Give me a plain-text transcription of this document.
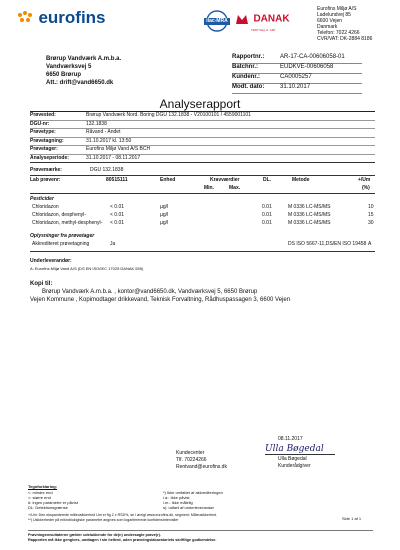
eurofins	ilac-MRA	DANAK
TEST Reg.nr. 168
Eurofins Miljø A/S
Ladelundvej 85
6600 Vejen
Danmark
Telefon: 7022 4266
CVR/VAT: DK-2884 8186
Brørup Vandværk A.m.b.a.
Vandværksvej 5
6650 Brørup
Att.: drift@vand6650.dk
Rapportnr.:	AR-17-CA-00606058-01
Batchnr.:	EUDKVE-00606058
Kundenr.:	CA0005257
Modt. dato:	31.10.2017
Analyserapport
Prøvested:	Brørup Vandværk Nord. Boring DGU 132.1838 - V20100101 / 4559001101
DGU-nr:	132.1838
Prøvetype:	Råvand - Andet
Prøvetagning:	31.10.2017 kl. 13:50
Prøvetager:	Eurofins Miljø Vand A/S BCH
Analyseperiode:	31.10.2017 - 08.11.2017
Prøvemærke:	DGU 132.1838
Lab prøvenr:	80515111	Enhed	Kravværdier
Min.	Max.
DL.	Metode	+/Um
(%)
Pesticider
Chloridazon	< 0.01	µg/l	0.01	M 0336 LC-MS/MS	10
Chloridazon, desphenyl-	< 0.01	µg/l	0.01	M 0336 LC-MS/MS	15
Chloridazon, methyl-desphenyl- < 0.01	µg/l	0.01	M 0336 LC-MS/MS	30
Oplysninger fra prøvetager
Akkrediteret prøvetagning	Ja	DS ISO 5667-11,DS/EN ISO 19458 A
Underleverandør:
A: Eurofins Miljø Vand A/S (DS EN ISO/IEC 17025 DANAK 555)
Kopi til:
Brørup Vandværk A.m.b.a. , kontor@vand6650.dk, Vandværksvej 5, 6650 Brørup
Vejen Kommune , Kopimodtager drikkevand, Teknisk Forvaltning, Rådhuspassagen 3, 6600 Vejen
08.11.2017
Kundecenter
Tlf. 70224266
Rentvand@eurofins.dk
Ulla Bøgedal
Ulla Bøgedal
Kunderådgiver
Tegnforklaring:
<: mindre end
>: større end
#: ingen parametre er påvist
DL: Detektionsgrænse
*) Ikke omfattet af akkrediteringen
i.a.: Ikke påvist
i.m.: Ikke målelig
s): udført af underleverandør
+/Um: Den ekspanderede måleusikkerhed Um er fig 2 x RSD%, se i øvrigt www.eurofins.dk, segment: Måleusikkerhed.
**) Usikkerheder på mikrobiologiske parametre angives som logaritmerede konfidensintervaller	Side 1 af 1
Prøvningsresultaterne gælder udelukkende for de(n) undersøgte prøve(r).
Rapporten må ikke gengives, undtagen i sin helhed, uden prøvningslaboratoriets skriftlige godkendelse.
